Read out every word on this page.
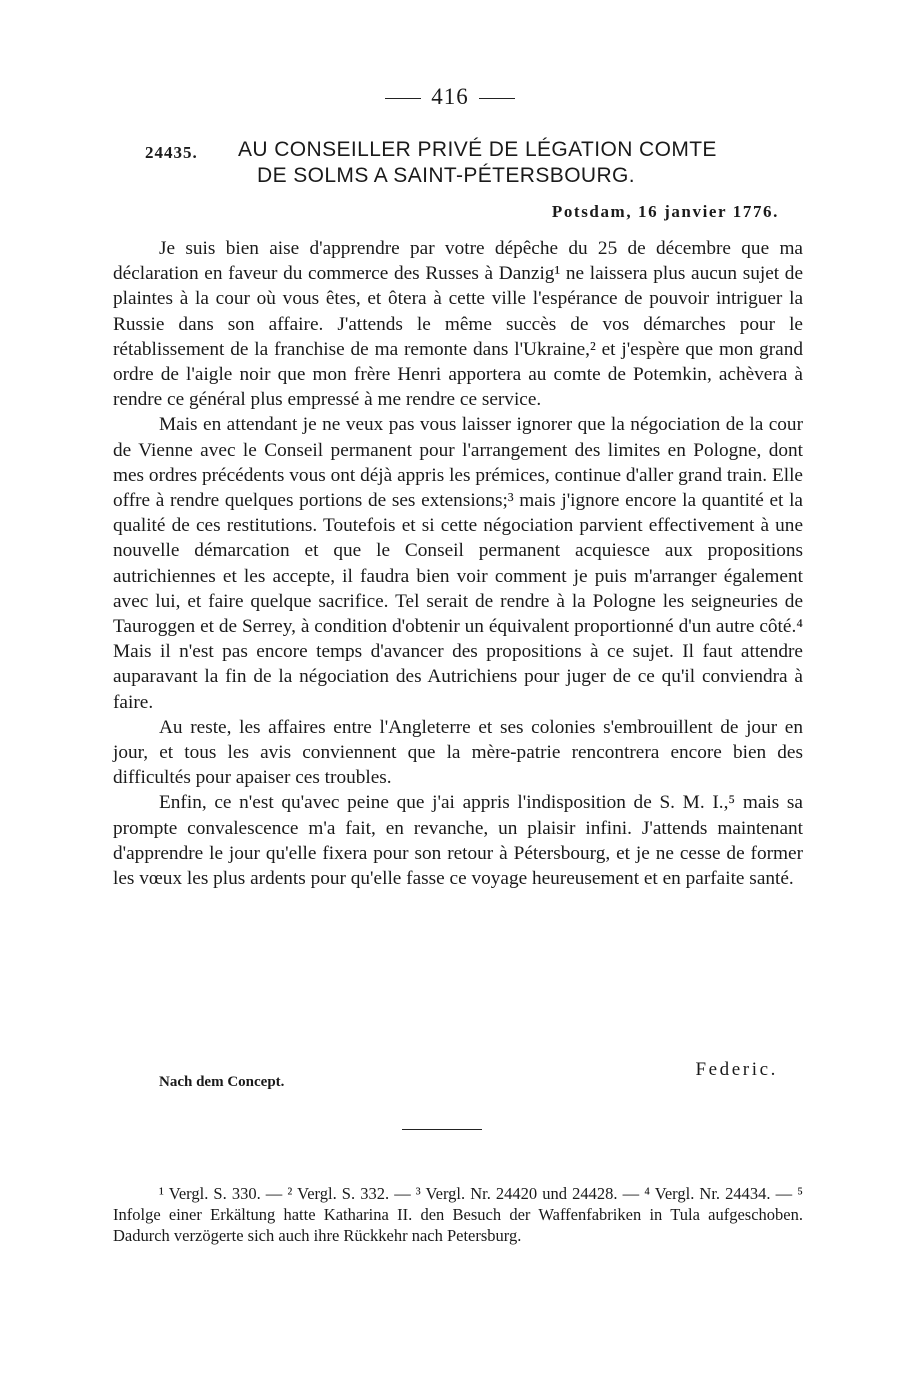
416
24435. AU CONSEILLER PRIVÉ DE LÉGATION COMTE
DE SOLMS A SAINT-PÉTERSBOURG.
Potsdam, 16 janvier 1776.

Je suis bien aise d'apprendre par votre dépêche du 25 de décembre que ma déclaration en faveur du commerce des Russes à Danzig¹ ne laissera plus aucun sujet de plaintes à la cour où vous êtes, et ôtera à cette ville l'espérance de pouvoir intriguer la Russie dans son affaire. J'attends le même succès de vos démarches pour le rétablissement de la franchise de ma remonte dans l'Ukraine,² et j'espère que mon grand ordre de l'aigle noir que mon frère Henri apportera au comte de Potemkin, achèvera à rendre ce général plus empressé à me rendre ce service.

Mais en attendant je ne veux pas vous laisser ignorer que la négociation de la cour de Vienne avec le Conseil permanent pour l'arrangement des limites en Pologne, dont mes ordres précédents vous ont déjà appris les prémices, continue d'aller grand train. Elle offre à rendre quelques portions de ses extensions;³ mais j'ignore encore la quantité et la qualité de ces restitutions. Toutefois et si cette négociation parvient effectivement à une nouvelle démarcation et que le Conseil permanent acquiesce aux propositions autrichiennes et les accepte, il faudra bien voir comment je puis m'arranger également avec lui, et faire quelque sacrifice. Tel serait de rendre à la Pologne les seigneuries de Tauroggen et de Serrey, à condition d'obtenir un équivalent proportionné d'un autre côté.⁴ Mais il n'est pas encore temps d'avancer des propositions à ce sujet. Il faut attendre auparavant la fin de la négociation des Autrichiens pour juger de ce qu'il conviendra à faire.

Au reste, les affaires entre l'Angleterre et ses colonies s'embrouillent de jour en jour, et tous les avis conviennent que la mère-patrie rencontrera encore bien des difficultés pour apaiser ces troubles.

Enfin, ce n'est qu'avec peine que j'ai appris l'indisposition de S. M. I.,⁵ mais sa prompte convalescence m'a fait, en revanche, un plaisir infini. J'attends maintenant d'apprendre le jour qu'elle fixera pour son retour à Pétersbourg, et je ne cesse de former les vœux les plus ardents pour qu'elle fasse ce voyage heureusement et en parfaite santé.

Federic.
Nach dem Concept.

¹ Vergl. S. 330. — ² Vergl. S. 332. — ³ Vergl. Nr. 24420 und 24428. — ⁴ Vergl. Nr. 24434. — ⁵ Infolge einer Erkältung hatte Katharina II. den Besuch der Waffenfabriken in Tula aufgeschoben. Dadurch verzögerte sich auch ihre Rückkehr nach Petersburg.
